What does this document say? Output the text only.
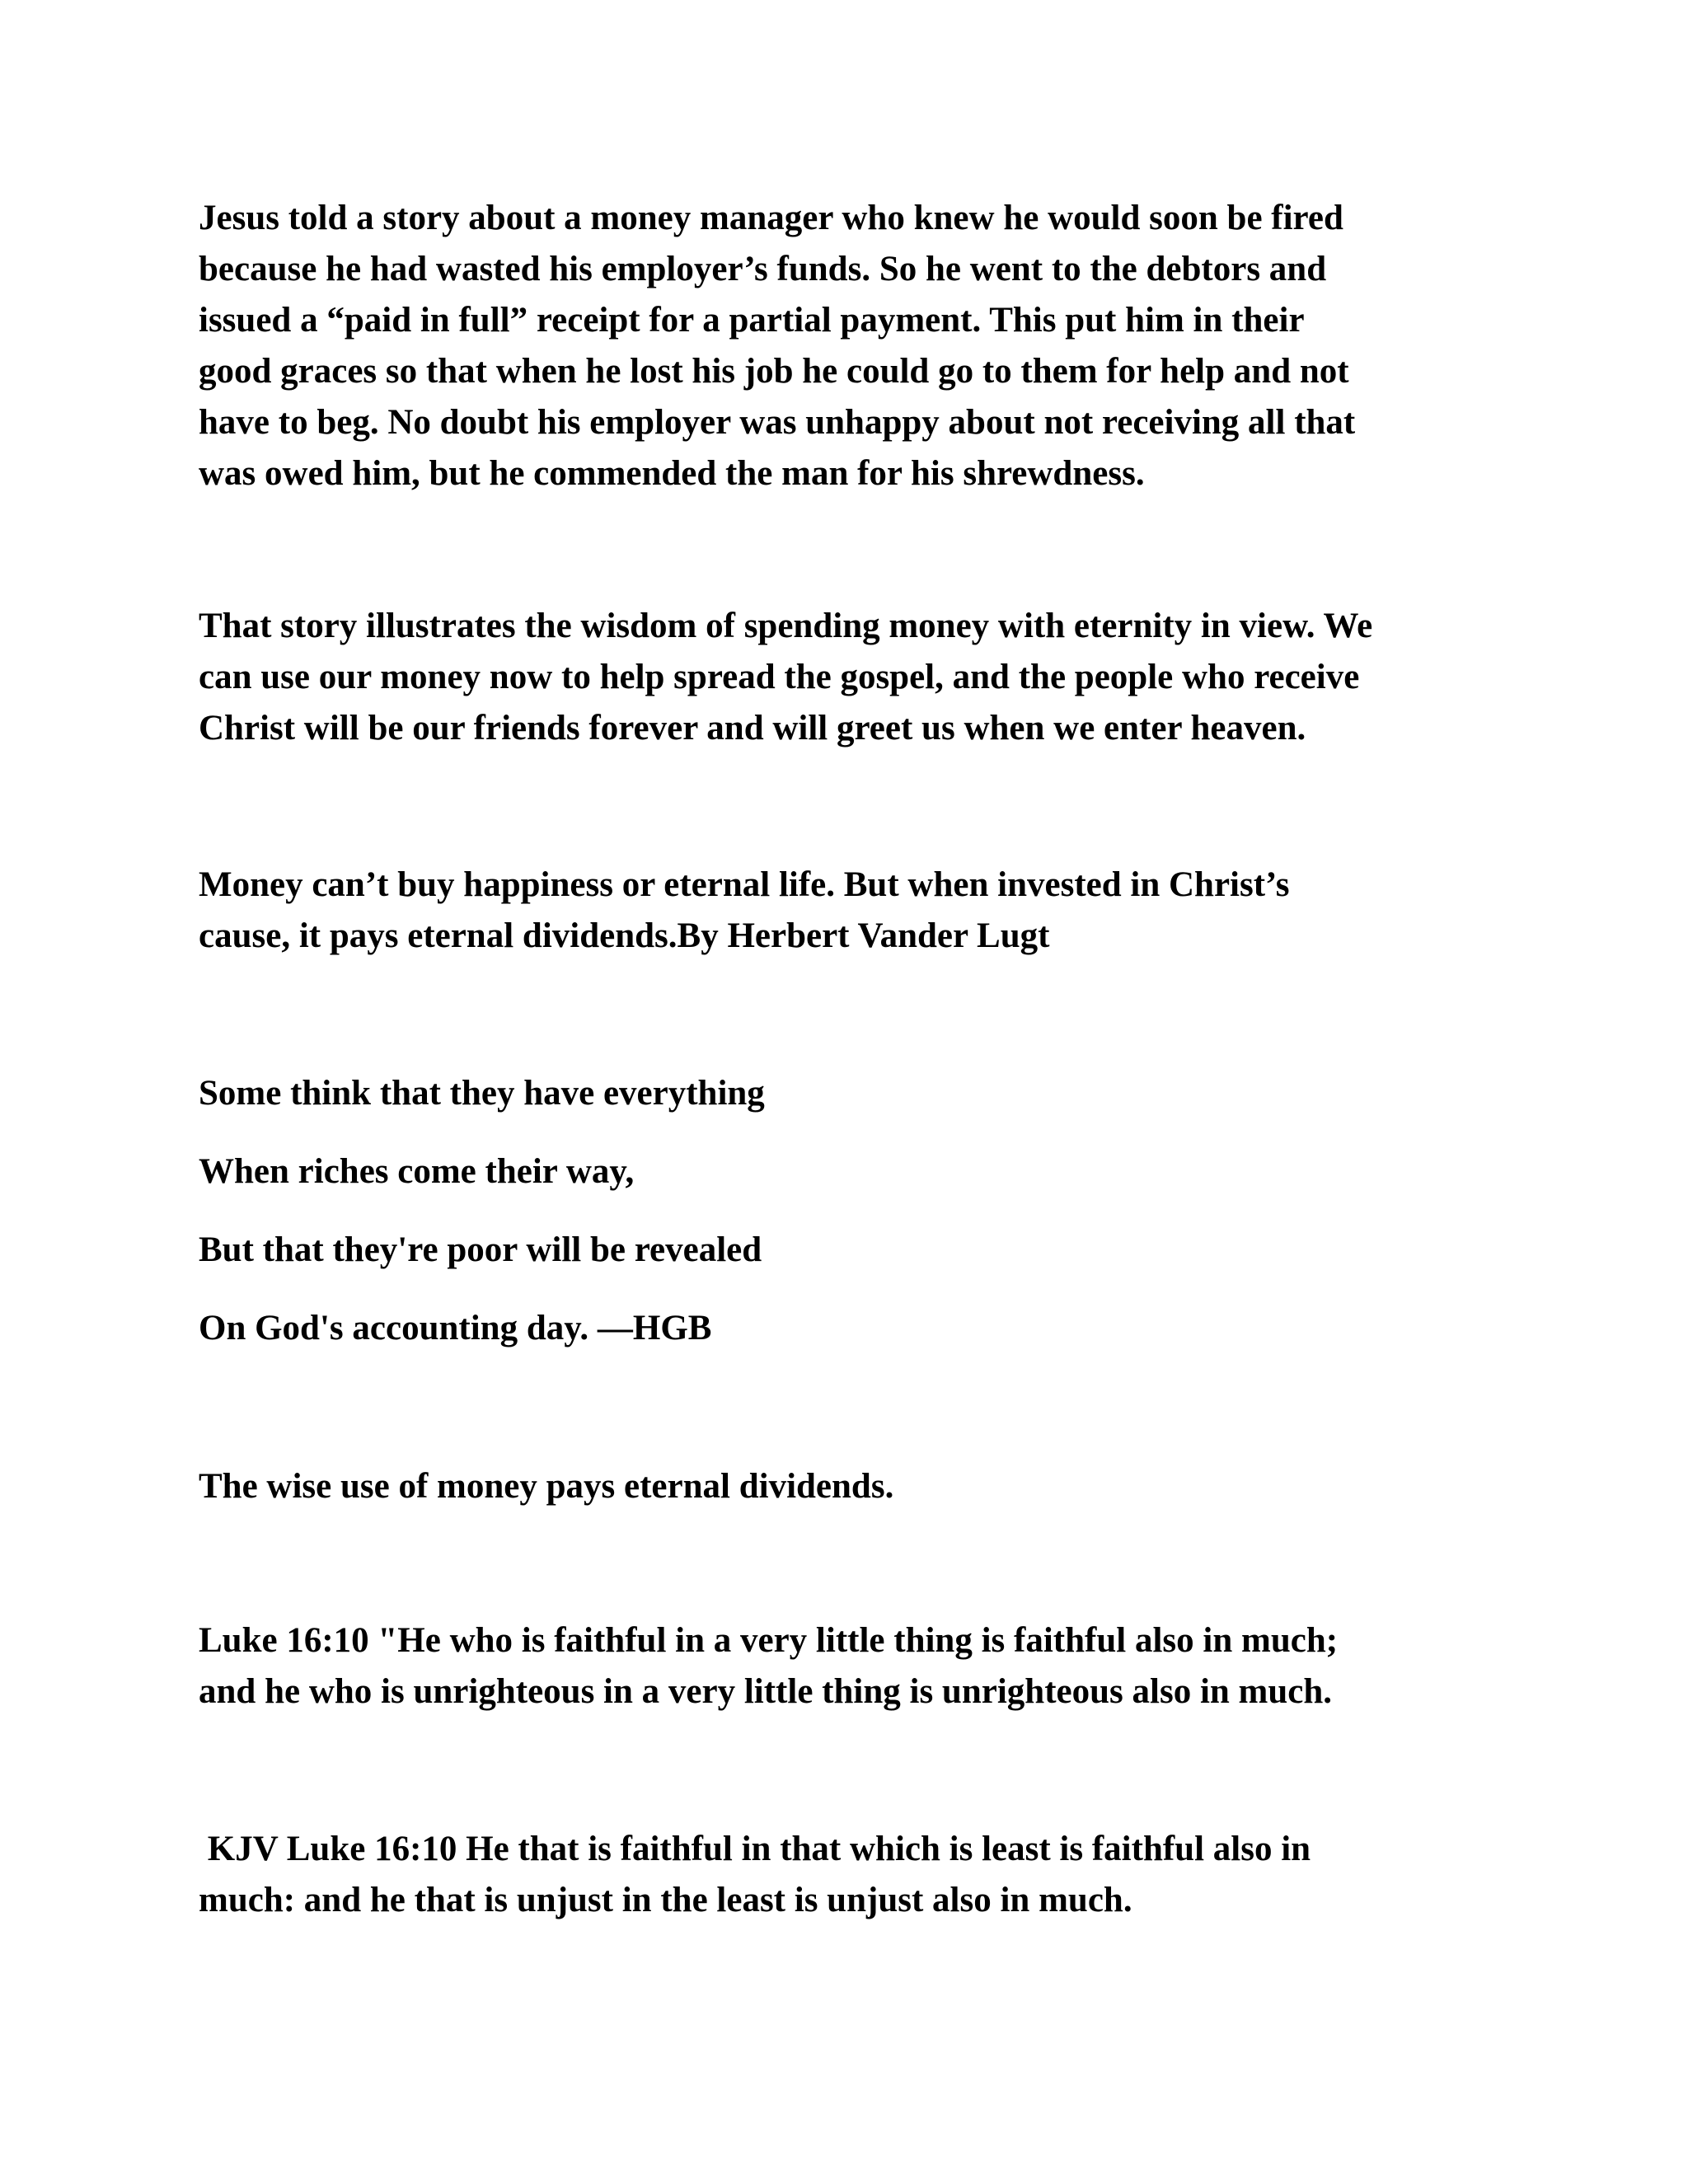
Jesus told a story about a money manager who knew he would soon be fired
because he had wasted his employer’s funds. So he went to the debtors and
issued a “paid in full” receipt for a partial payment. This put him in their
good graces so that when he lost his job he could go to them for help and not
have to beg. No doubt his employer was unhappy about not receiving all that
was owed him, but he commended the man for his shrewdness.
That story illustrates the wisdom of spending money with eternity in view. We
can use our money now to help spread the gospel, and the people who receive
Christ will be our friends forever and will greet us when we enter heaven.
Money can’t buy happiness or eternal life. But when invested in Christ’s
cause, it pays eternal dividends.By Herbert Vander Lugt
Some think that they have everything
When riches come their way,
But that they're poor will be revealed
On God's accounting day. —HGB
The wise use of money pays eternal dividends.
Luke 16:10 "He who is faithful in a very little thing is faithful also in much;
and he who is unrighteous in a very little thing is unrighteous also in much.
KJV Luke 16:10 He that is faithful in that which is least is faithful also in
much: and he that is unjust in the least is unjust also in much.
